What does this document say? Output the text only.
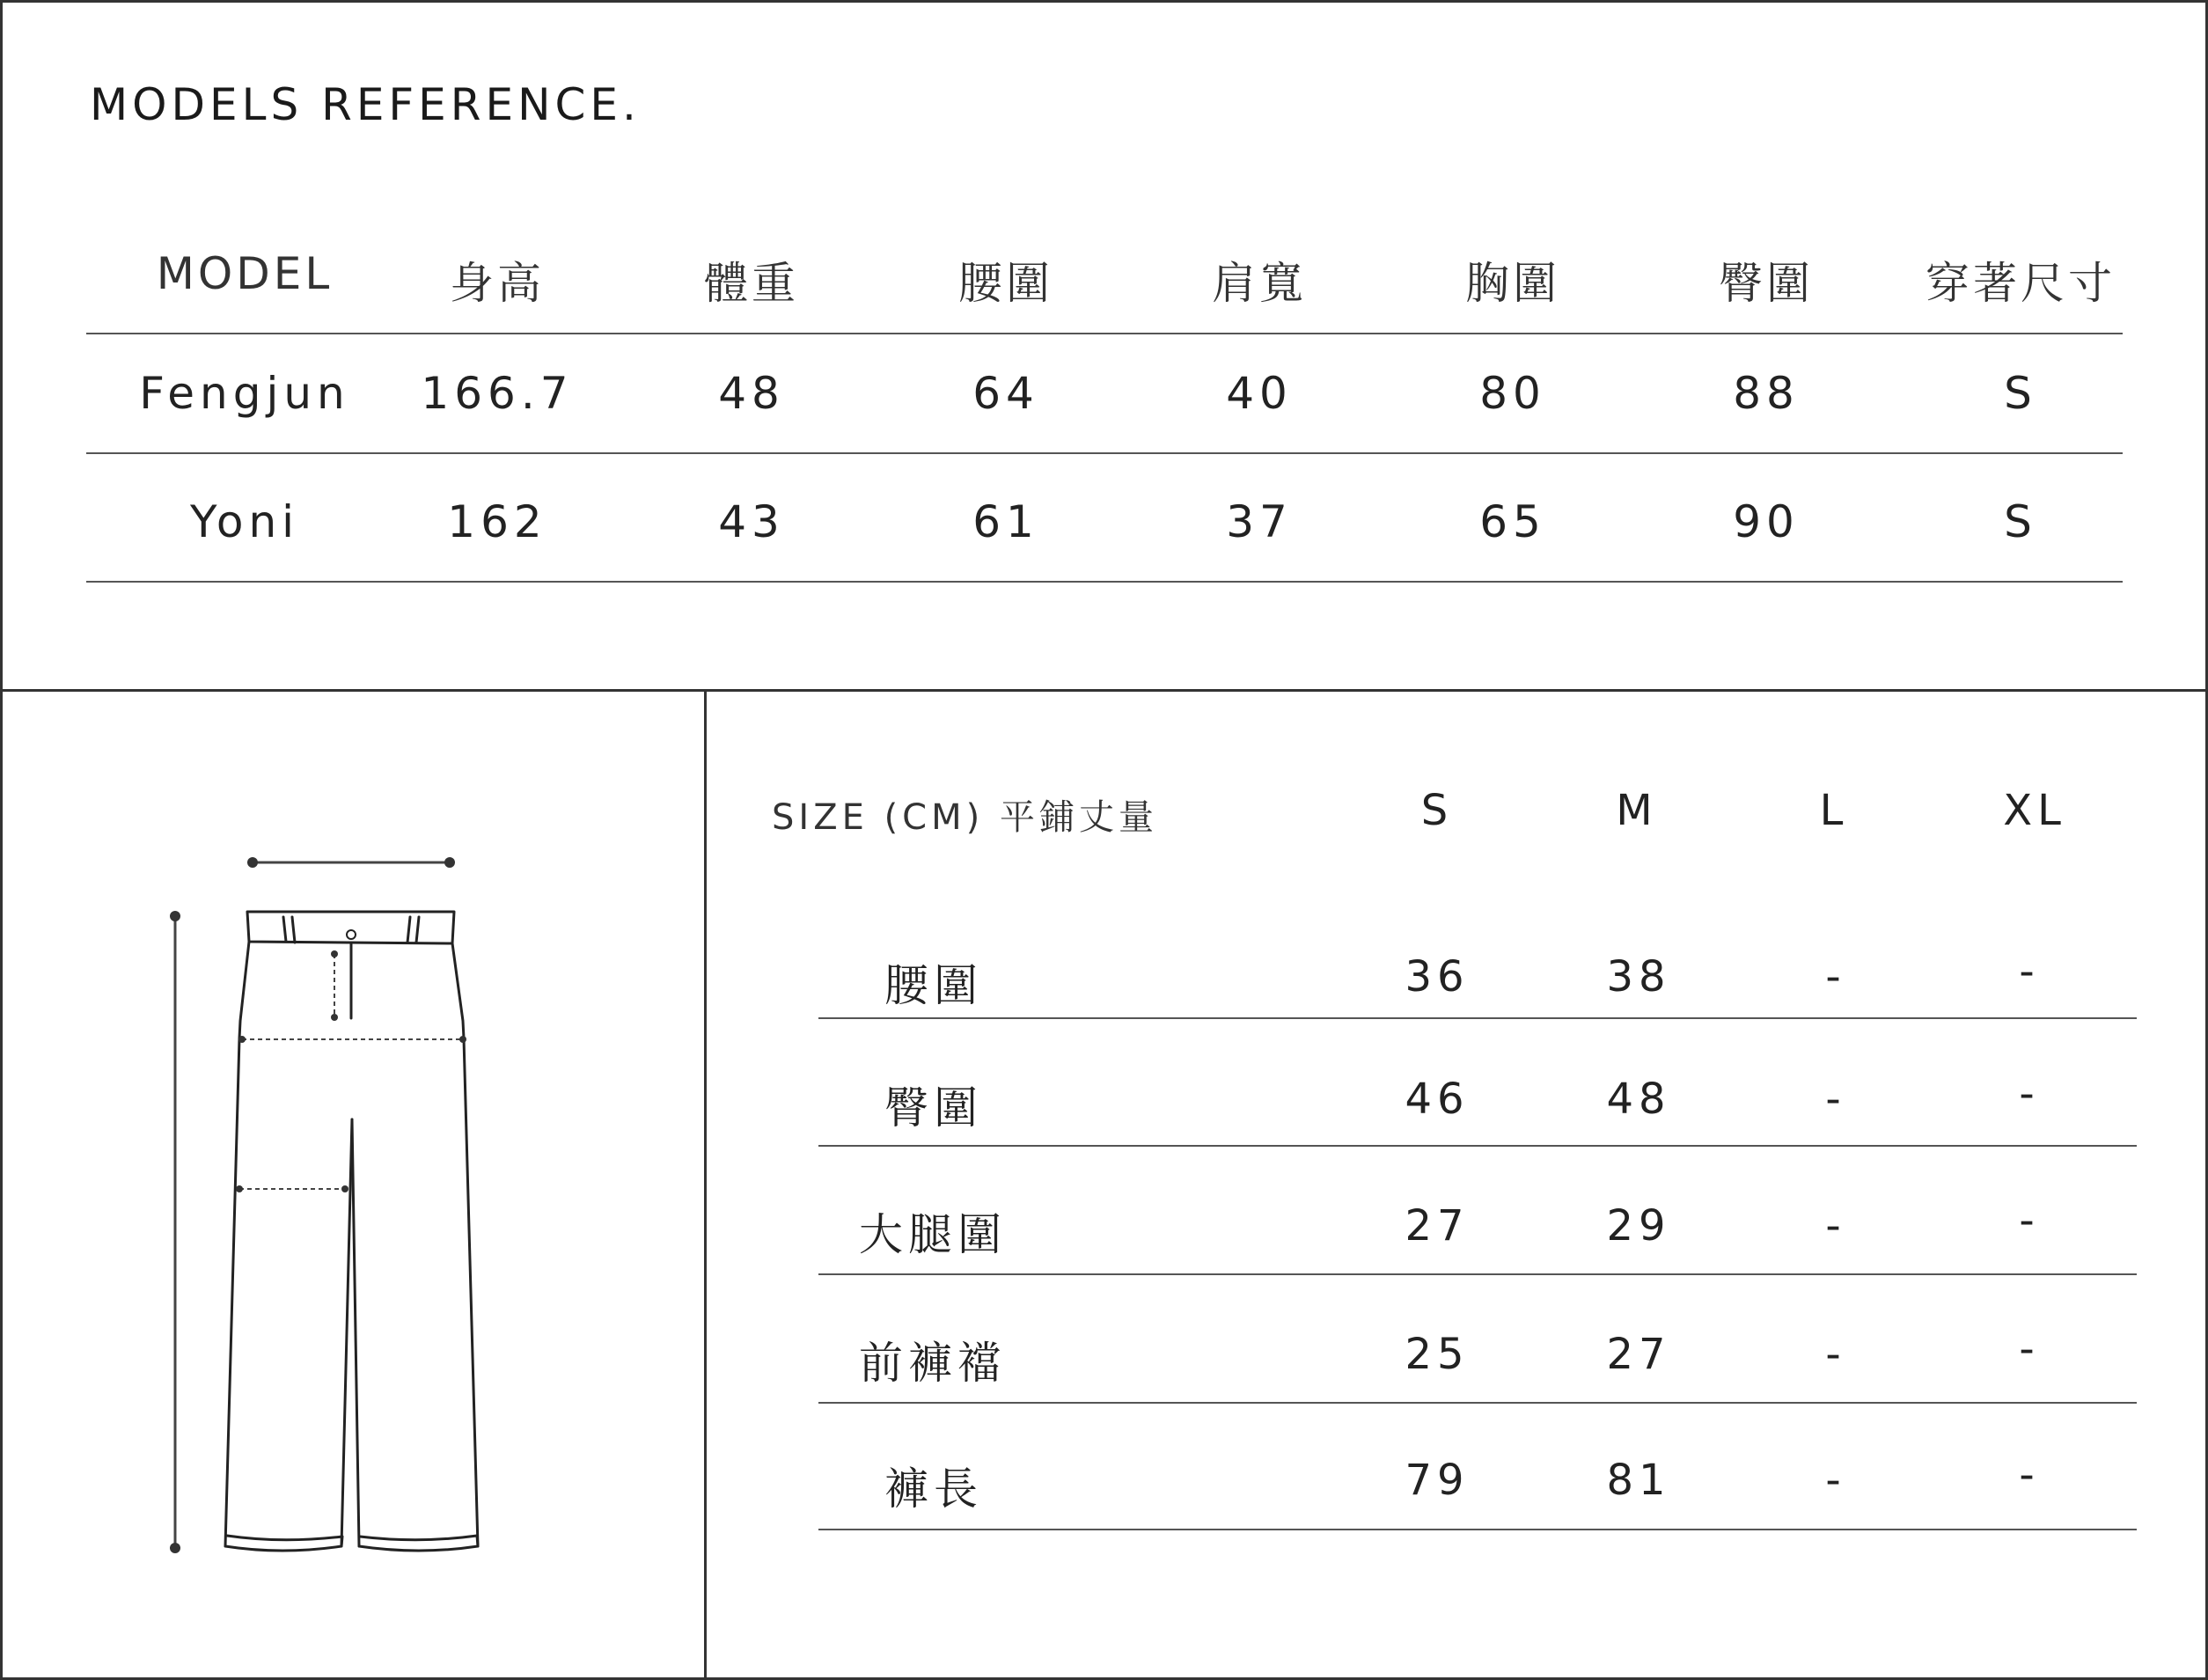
MODELS REFERENCE.
MODEL	身高	體重	腰圍	肩寬	胸圍	臀圍	穿著尺寸
Fengjun 166.7	48	64	40	80	88	S
Yoni	162	43	61	37	65	90	S
SIZE (CM) 平鋪丈量	S	M	L	XL
腰圍	36	38	-	-
臀圍	46	48	-	-
大腿圍	27	29	-	-
前褲襠	25	27	-	-
褲長	79	81	-	-
